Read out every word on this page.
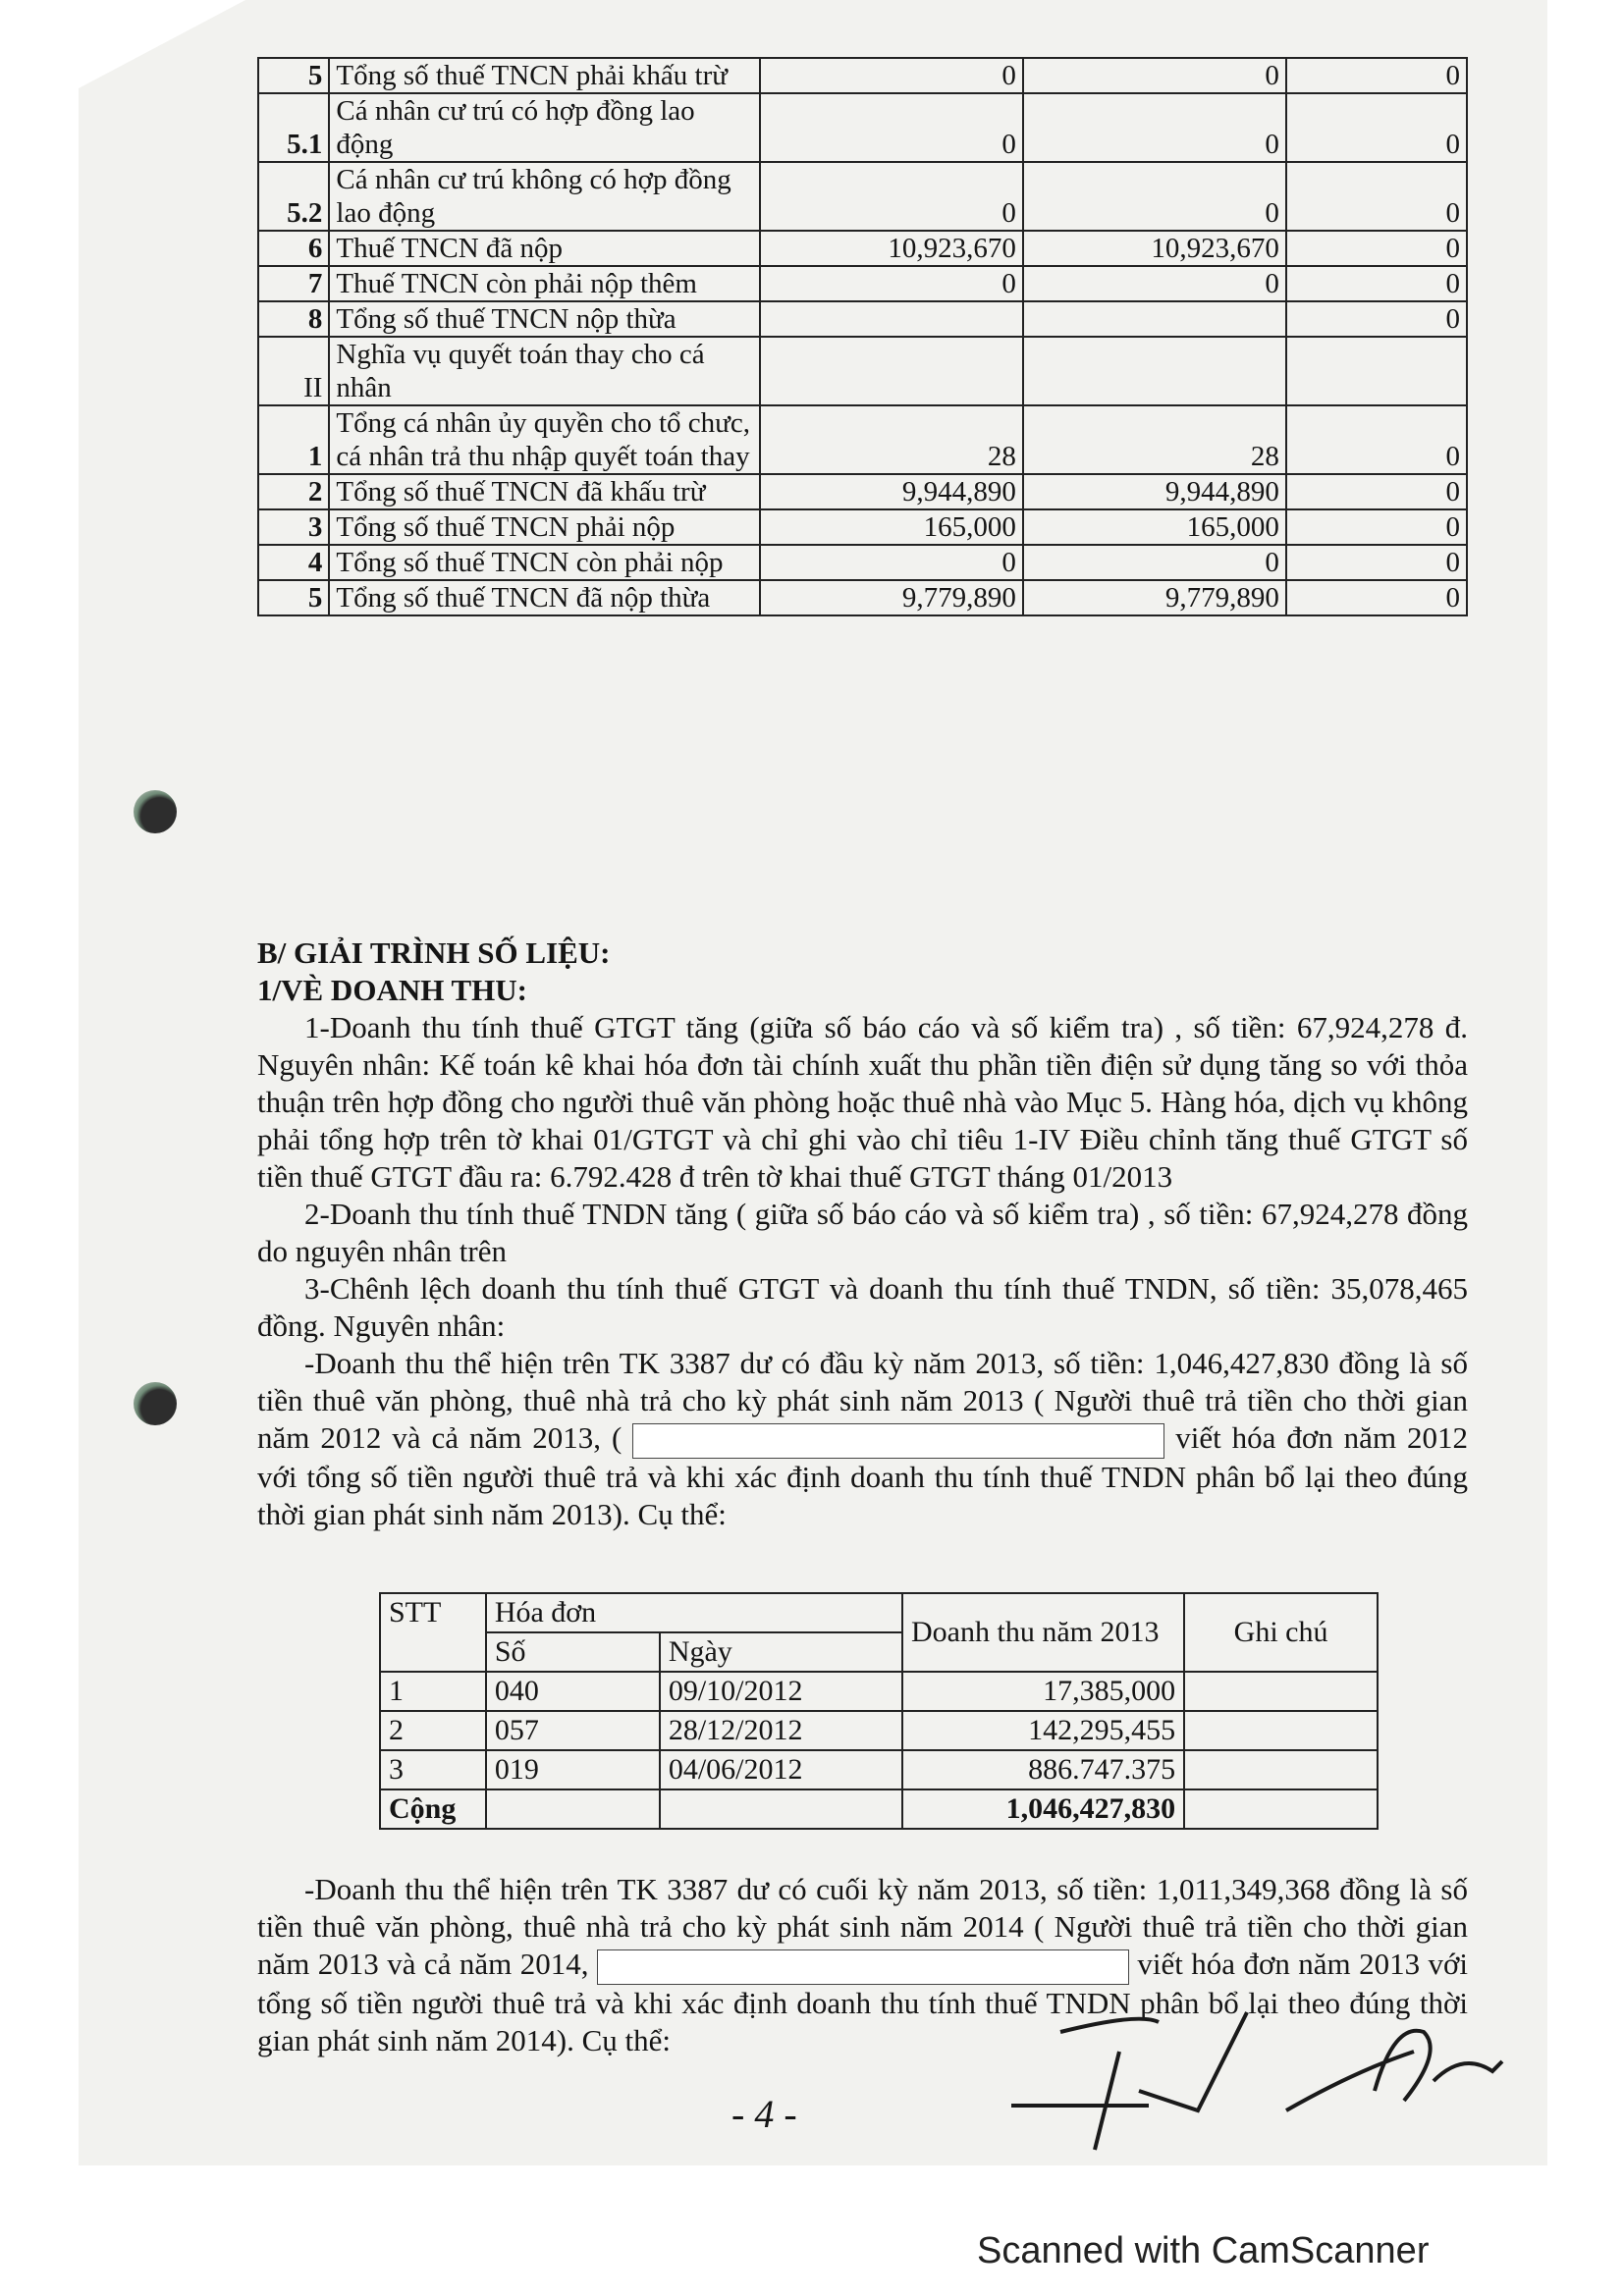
5	Tổng số thuế TNCN phải khấu trừ	0	0	0
5.1	Cá nhân cư trú có hợp đồng lao động	0	0	0
5.2	Cá nhân cư trú không có hợp đồng lao động	0	0	0
6	Thuế TNCN đã nộp	10,923,670	10,923,670	0
7	Thuế TNCN còn phải nộp thêm	0	0	0
8	Tổng số thuế TNCN nộp thừa			0
II	Nghĩa vụ quyết toán thay cho cá nhân			
1	Tổng cá nhân ủy quyền cho tổ chưc, cá nhân trả thu nhập quyết toán thay	28	28	0
2	Tổng số thuế TNCN đã khấu trừ	9,944,890	9,944,890	0
3	Tổng số thuế TNCN phải nộp	165,000	165,000	0
4	Tổng số thuế TNCN còn phải nộp	0	0	0
5	Tổng số thuế TNCN đã nộp thừa	9,779,890	9,779,890	0
B/ GIẢI TRÌNH SỐ LIỆU:
1/VÈ DOANH THU:
1-Doanh thu tính thuế GTGT tăng (giữa số báo cáo và số kiểm tra) , số tiền: 67,924,278 đ. Nguyên nhân: Kế toán kê khai hóa đơn tài chính xuất thu phần tiền điện sử dụng tăng so với thỏa thuận trên hợp đồng cho người thuê văn phòng hoặc thuê nhà vào Mục 5. Hàng hóa, dịch vụ không phải tổng hợp trên tờ khai 01/GTGT và chỉ ghi vào chỉ tiêu 1-IV Điều chỉnh tăng thuế GTGT số tiền thuế GTGT đầu ra: 6.792.428 đ trên tờ khai thuế GTGT tháng 01/2013
2-Doanh thu tính thuế TNDN tăng ( giữa số báo cáo và số kiểm tra) , số tiền: 67,924,278 đồng do nguyên nhân trên
3-Chênh lệch doanh thu tính thuế GTGT và doanh thu tính thuế TNDN, số tiền: 35,078,465 đồng. Nguyên nhân:
-Doanh thu thể hiện trên TK 3387 dư có đầu kỳ năm 2013, số tiền: 1,046,427,830 đồng là số tiền thuê văn phòng, thuê nhà trả cho kỳ phát sinh năm 2013 ( Người thuê trả tiền cho thời gian năm 2012 và cả năm 2013, (	viết hóa đơn năm 2012 với tổng số tiền người thuê trả và khi xác định doanh thu tính thuế TNDN phân bổ lại theo đúng thời gian phát sinh năm 2013). Cụ thể:
STT	Hóa đơn		Doanh thu năm 2013	Ghi chú
	Số	Ngày		
1	040	09/10/2012	17,385,000	
2	057	28/12/2012	142,295,455	
3	019	04/06/2012	886.747.375	
Cộng			1,046,427,830	
-Doanh thu thể hiện trên TK 3387 dư có cuối kỳ năm 2013, số tiền: 1,011,349,368 đồng là số tiền thuê văn phòng, thuê nhà trả cho kỳ phát sinh năm 2014 ( Người thuê trả tiền cho thời gian năm 2013 và cả năm 2014,	viết hóa đơn năm 2013 với tổng số tiền người thuê trả và khi xác định doanh thu tính thuế TNDN phân bổ lại theo đúng thời gian phát sinh năm 2014). Cụ thể:
- 4 -
Scanned with CamScanner
